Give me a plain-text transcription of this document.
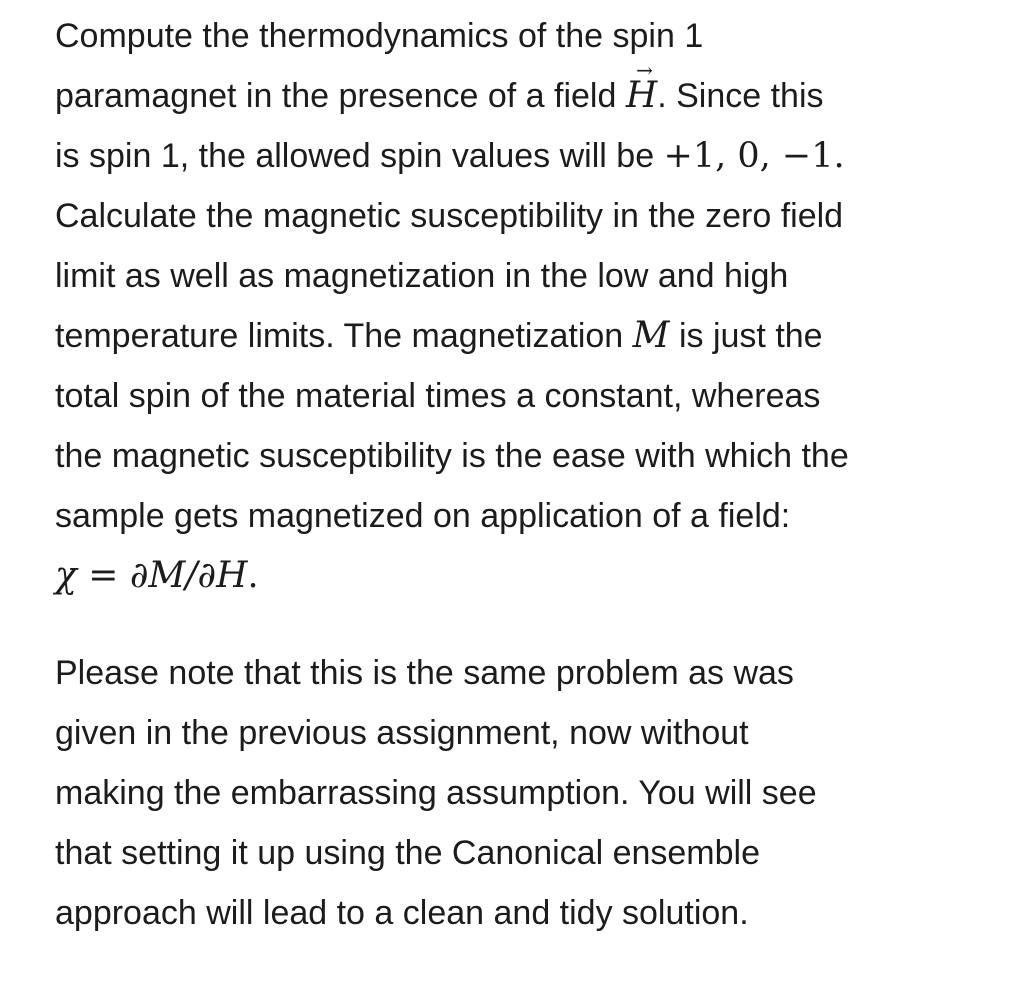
Compute the thermodynamics of the spin 1
paramagnet in the presence of a field
→
H. Since this
is spin 1, the allowed spin values will be +1, 0, −1.
Calculate the magnetic susceptibility in the zero field
limit as well as magnetization in the low and high
temperature limits. The magnetization M is just the
total spin of the material times a constant, whereas
the magnetic susceptibility is the ease with which the
sample gets magnetized on application of a field:
χ = ∂M/∂H.

Please note that this is the same problem as was
given in the previous assignment, now without
making the embarrassing assumption. You will see
that setting it up using the Canonical ensemble
approach will lead to a clean and tidy solution.
